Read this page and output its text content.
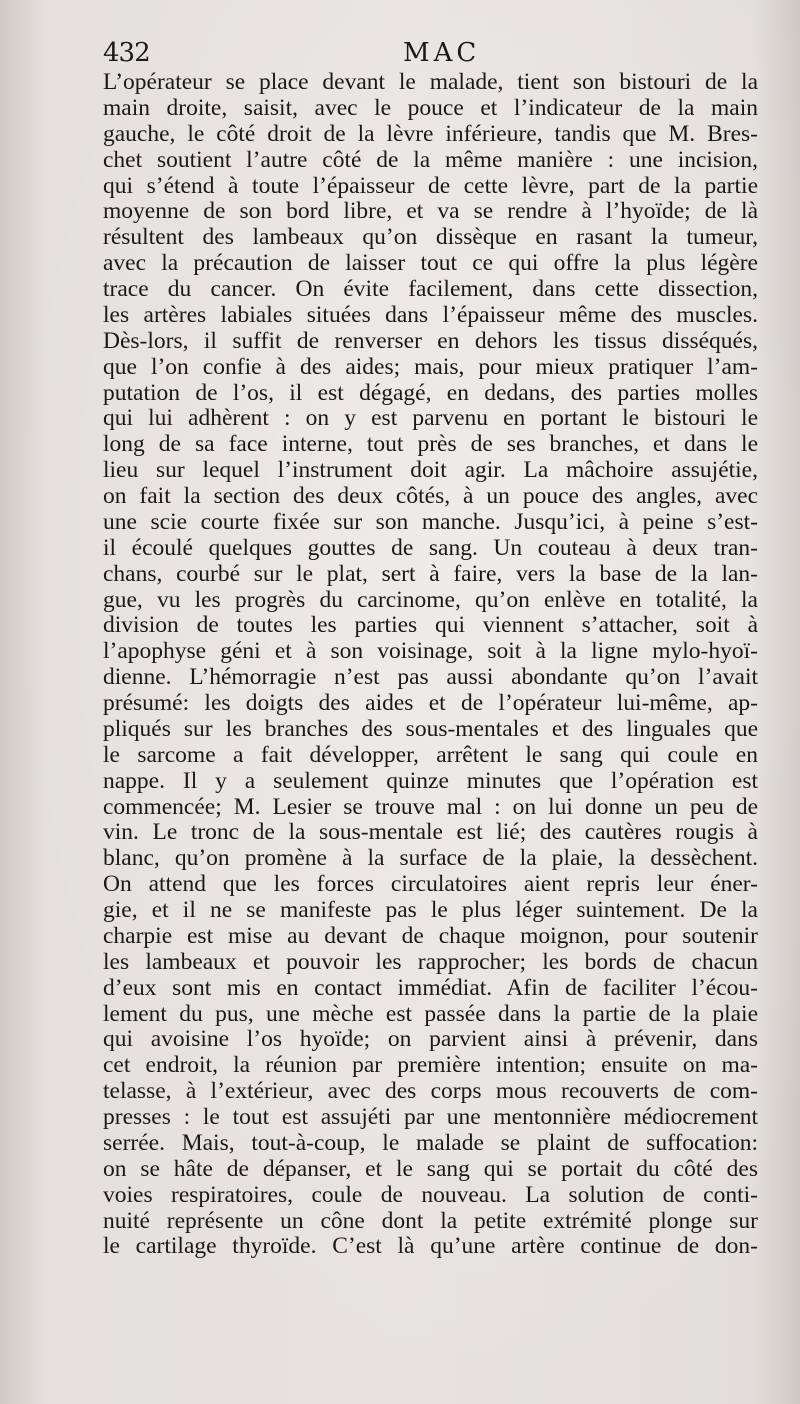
432	MAC
L’opérateur se place devant le malade, tient son bistouri de la
main droite, saisit, avec le pouce et l’indicateur de la main
gauche, le côté droit de la lèvre inférieure, tandis que M. Bres-
chet soutient l’autre côté de la même manière : une incision,
qui s’étend à toute l’épaisseur de cette lèvre, part de la partie
moyenne de son bord libre, et va se rendre à l’hyoïde; de là
résultent des lambeaux qu’on dissèque en rasant la tumeur,
avec la précaution de laisser tout ce qui offre la plus légère
trace du cancer. On évite facilement, dans cette dissection,
les artères labiales situées dans l’épaisseur même des muscles.
Dès-lors, il suffit de renverser en dehors les tissus disséqués,
que l’on confie à des aides; mais, pour mieux pratiquer l’am-
putation de l’os, il est dégagé, en dedans, des parties molles
qui lui adhèrent : on y est parvenu en portant le bistouri le
long de sa face interne, tout près de ses branches, et dans le
lieu sur lequel l’instrument doit agir. La mâchoire assujétie,
on fait la section des deux côtés, à un pouce des angles, avec
une scie courte fixée sur son manche. Jusqu’ici, à peine s’est-
il écoulé quelques gouttes de sang. Un couteau à deux tran-
chans, courbé sur le plat, sert à faire, vers la base de la lan-
gue, vu les progrès du carcinome, qu’on enlève en totalité, la
division de toutes les parties qui viennent s’attacher, soit à
l’apophyse géni et à son voisinage, soit à la ligne mylo-hyoï-
dienne. L’hémorragie n’est pas aussi abondante qu’on l’avait
présumé: les doigts des aides et de l’opérateur lui-même, ap-
pliqués sur les branches des sous-mentales et des linguales que
le sarcome a fait développer, arrêtent le sang qui coule en
nappe. Il y a seulement quinze minutes que l’opération est
commencée; M. Lesier se trouve mal : on lui donne un peu de
vin. Le tronc de la sous-mentale est lié; des cautères rougis à
blanc, qu’on promène à la surface de la plaie, la dessèchent.
On attend que les forces circulatoires aient repris leur éner-
gie, et il ne se manifeste pas le plus léger suintement. De la
charpie est mise au devant de chaque moignon, pour soutenir
les lambeaux et pouvoir les rapprocher; les bords de chacun
d’eux sont mis en contact immédiat. Afin de faciliter l’écou-
lement du pus, une mèche est passée dans la partie de la plaie
qui avoisine l’os hyoïde; on parvient ainsi à prévenir, dans
cet endroit, la réunion par première intention; ensuite on ma-
telasse, à l’extérieur, avec des corps mous recouverts de com-
presses : le tout est assujéti par une mentonnière médiocrement
serrée. Mais, tout-à-coup, le malade se plaint de suffocation:
on se hâte de dépanser, et le sang qui se portait du côté des
voies respiratoires, coule de nouveau. La solution de conti-
nuité représente un cône dont la petite extrémité plonge sur
le cartilage thyroïde. C’est là qu’une artère continue de don-
